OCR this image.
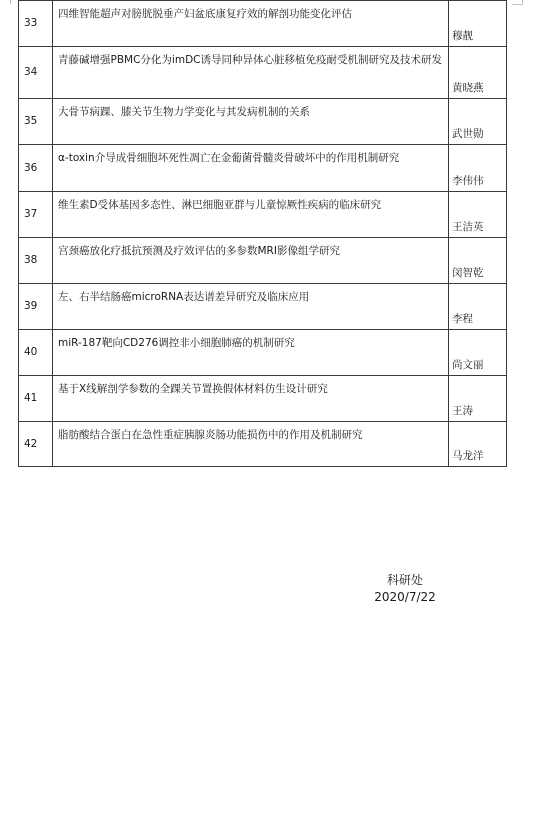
33	四维智能超声对膀胱脱垂产妇盆底康复疗效的解剖功能变化评估	穆靓
34	青藤碱增强PBMC分化为imDC诱导同种异体心脏移植免疫耐受机制研究及技术研发	黄晓燕
35	大骨节病踝、膝关节生物力学变化与其发病机制的关系	武世勋
36	α-toxin介导成骨细胞坏死性凋亡在金葡菌骨髓炎骨破坏中的作用机制研究	李伟伟
37	维生素D受体基因多态性、淋巴细胞亚群与儿童惊厥性疾病的临床研究	王洁英
38	宫颈癌放化疗抵抗预测及疗效评估的多参数MRI影像组学研究	闵智乾
39	左、右半结肠癌microRNA表达谱差异研究及临床应用	李程
40	miR-187靶向CD276调控非小细胞肺癌的机制研究	尚文丽
41	基于X线解剖学参数的全踝关节置换假体材料仿生设计研究	王涛
42	脂肪酸结合蛋白在急性重症胰腺炎肠功能损伤中的作用及机制研究	马龙洋
科研处
2020/7/22
